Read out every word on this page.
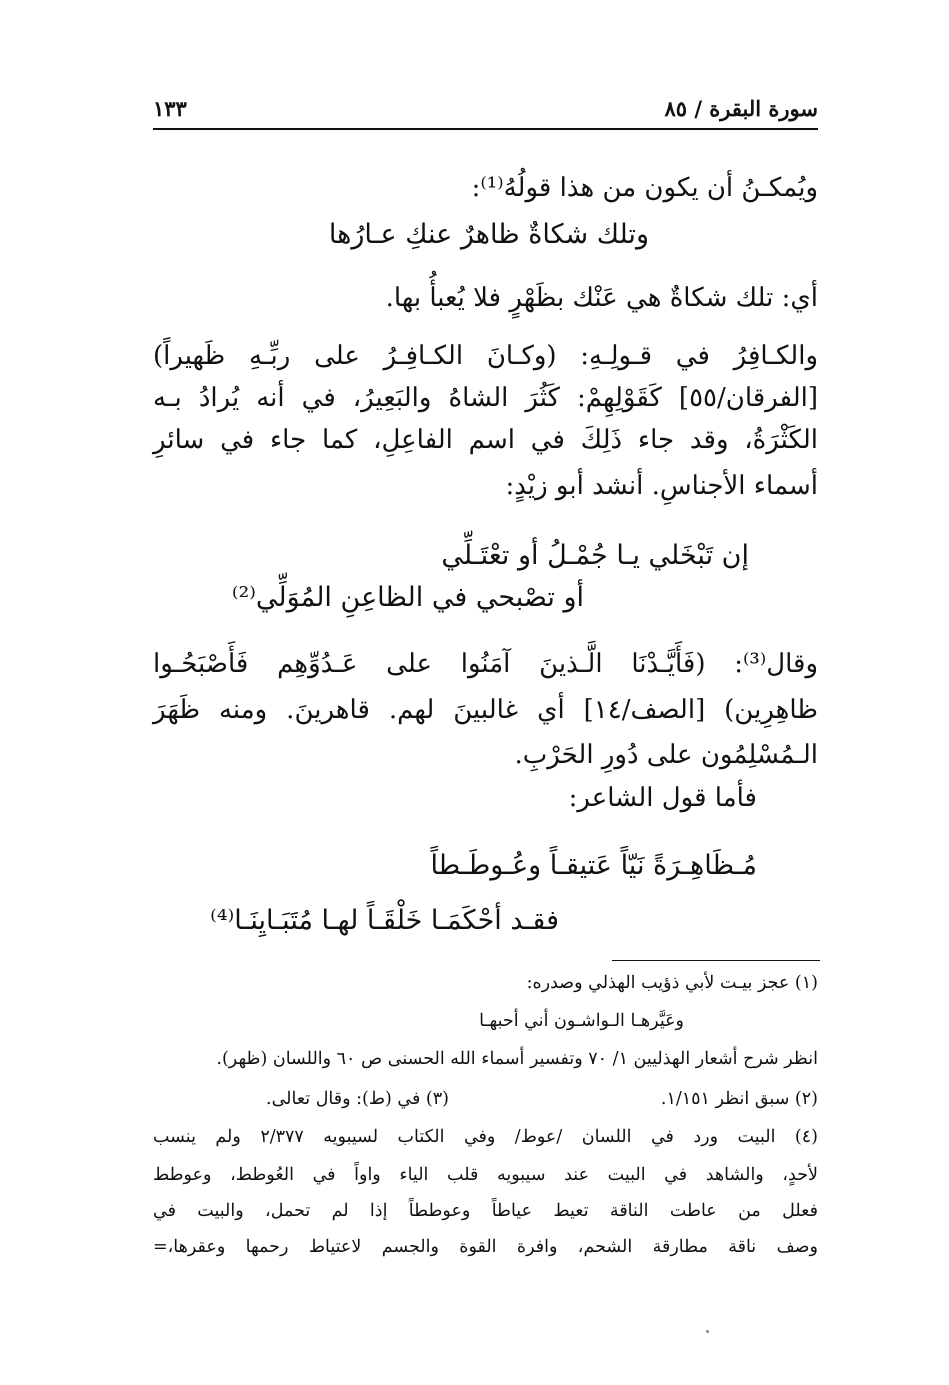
سورة البقرة / ٨٥
١٣٣
ويُمكـنُ أن يكون من هذا قولُهُ⁽¹⁾:
وتلك شكاةٌ ظاهرٌ عنكِ عـارُها
أي: تلك شكاةٌ هي عَنْك بظَهْرٍ فلا يُعبأُ بها.
والكـافِرُ في قـولِـهِ: (وكـانَ الكـافِـرُ على ربِّـهِ ظَهيراً)
[الفرقان/٥٥] كَقَوْلِهِمْ: كَثُرَ الشاهُ والبَعِيرُ، في أنه يُرادُ بـه
الكَثْرَةُ، وقد جاء ذَلِكَ في اسم الفاعِلِ، كما جاء في سائرِ
أسماء الأجناسِ. أنشد أبو زيْدٍ:
إن تَبْخَلي يـا جُمْـلُ أو تعْتَـلِّي
أو تصْبحي في الظاعِنِ المُوَلِّي⁽²⁾
وقال⁽³⁾: (فَأَيَّـدْنَا الَّـذينَ آمَنُوا على عَـدُوِّهِم فَأَصْبَحُـوا
ظاهِرِين) [الصف/١٤] أي غالبينَ لهم. قاهرينَ. ومنه ظَهَرَ
الـمُسْلِمُون على دُورِ الحَرْبِ.
فأما قول الشاعر:
مُـظَاهِـرَةً نَيّاً عَتيقـاً وعُـوطَـطاً
فقـد أحْكَمَـا خَلْقَـاً لهـا مُتَبَـايِنَـا⁽⁴⁾
(١) عجز بيـت لأبي ذؤيب الهذلي وصدره:
وعَيَّرهـا الـواشـون أني أحبهـا
انظر شرح أشعار الهذليين ١/ ٧٠ وتفسير أسماء الله الحسنى ص ٦٠ واللسان (ظهر).
(٢) سبق انظر ١/١٥١.
(٣) في (ط): وقال تعالى.
(٤) البيت ورد في اللسان /عوط/ وفي الكتاب لسيبويه ٢/٣٧٧ ولم ينسب
لأحدٍ، والشاهد في البيت عند سيبويه قلب الياء واواً في العُوطط، وعوطط
فعلل من عاطت الناقة تعيط عياطاً وعوططاً إذا لم تحمل، والبيت في
وصف ناقة مطارقة الشحم، وافرة القوة والجسم لاعتياط رحمها وعقرها،=
